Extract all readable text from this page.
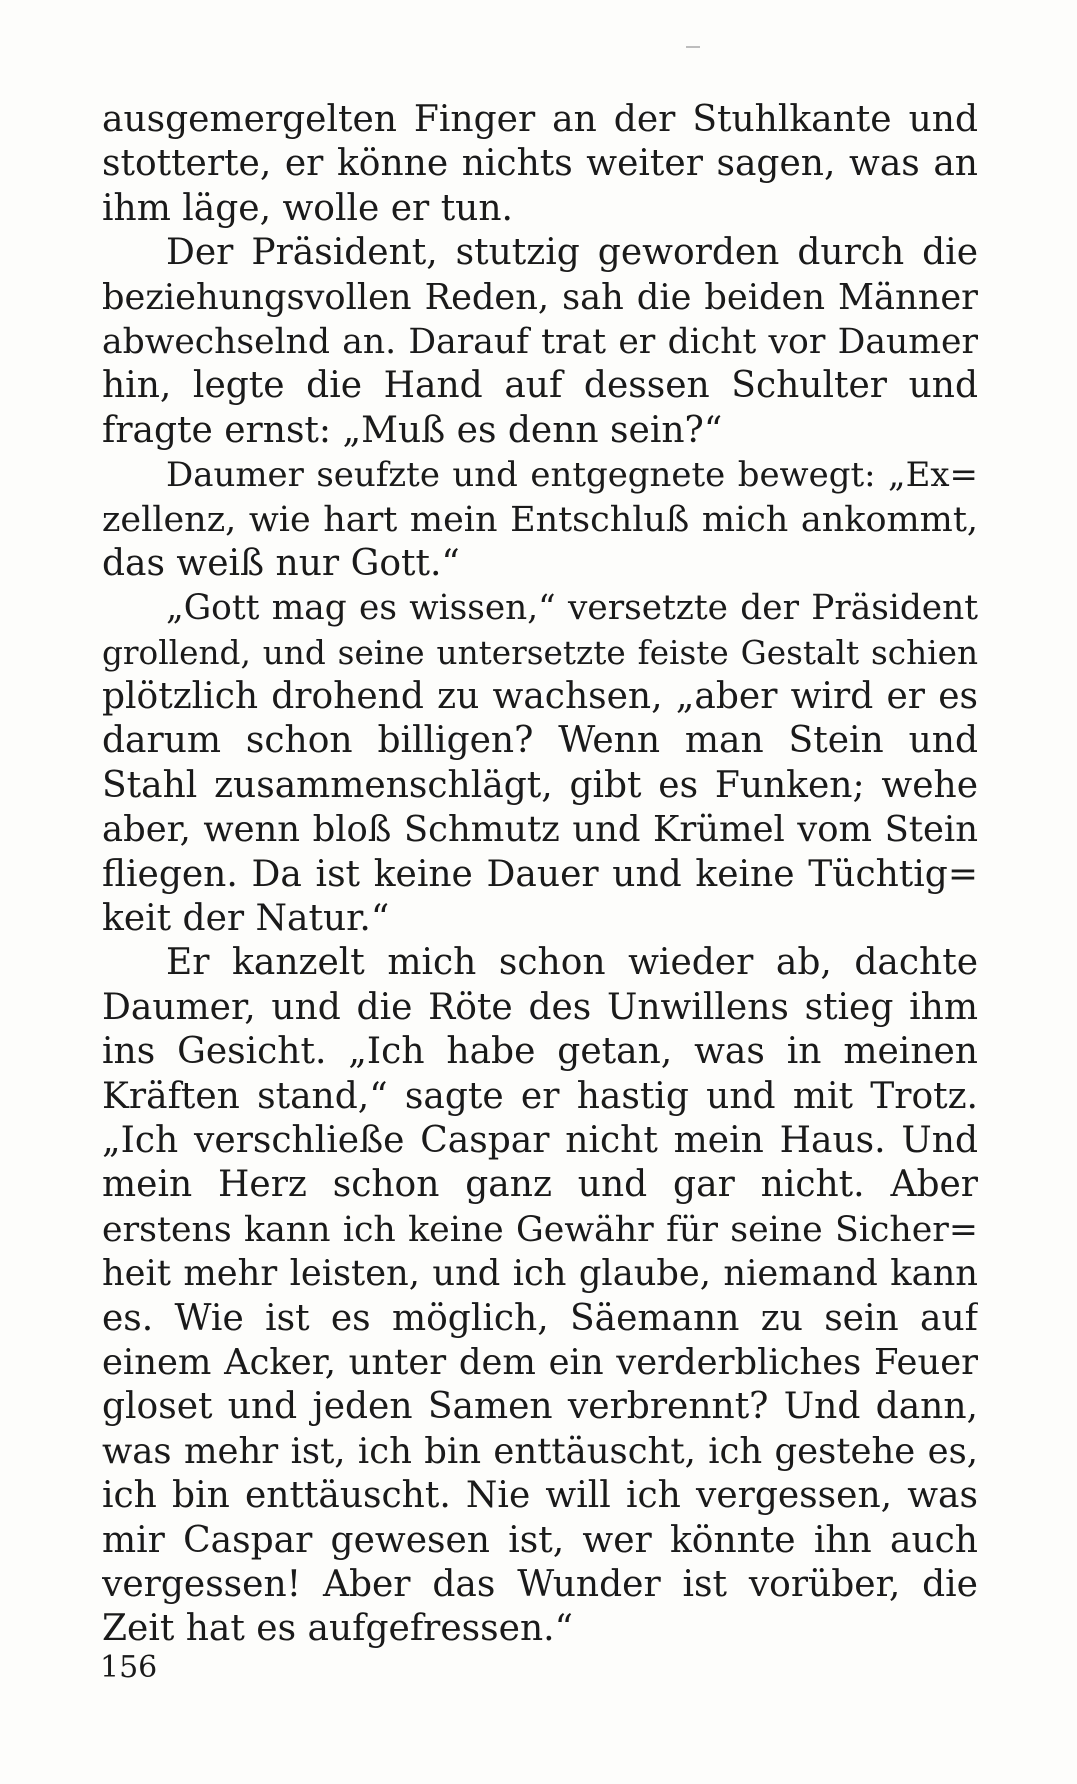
ausgemergelten Finger an der Stuhlkante und
stotterte, er könne nichts weiter sagen, was an
ihm läge, wolle er tun.
Der Präsident, stutzig geworden durch die
beziehungsvollen Reden, sah die beiden Männer
abwechselnd an. Darauf trat er dicht vor Daumer
hin, legte die Hand auf dessen Schulter und
fragte ernst: „Muß es denn sein?“
Daumer seufzte und entgegnete bewegt: „Ex=
zellenz, wie hart mein Entschluß mich ankommt,
das weiß nur Gott.“
„Gott mag es wissen,“ versetzte der Präsident
grollend, und seine untersetzte feiste Gestalt schien
plötzlich drohend zu wachsen, „aber wird er es
darum schon billigen? Wenn man Stein und
Stahl zusammenschlägt, gibt es Funken; wehe
aber, wenn bloß Schmutz und Krümel vom Stein
fliegen. Da ist keine Dauer und keine Tüchtig=
keit der Natur.“
Er kanzelt mich schon wieder ab, dachte
Daumer, und die Röte des Unwillens stieg ihm
ins Gesicht. „Ich habe getan, was in meinen
Kräften stand,“ sagte er hastig und mit Trotz.
„Ich verschließe Caspar nicht mein Haus. Und
mein Herz schon ganz und gar nicht. Aber
erstens kann ich keine Gewähr für seine Sicher=
heit mehr leisten, und ich glaube, niemand kann
es. Wie ist es möglich, Säemann zu sein auf
einem Acker, unter dem ein verderbliches Feuer
gloset und jeden Samen verbrennt? Und dann,
was mehr ist, ich bin enttäuscht, ich gestehe es,
ich bin enttäuscht. Nie will ich vergessen, was
mir Caspar gewesen ist, wer könnte ihn auch
vergessen! Aber das Wunder ist vorüber, die
Zeit hat es aufgefressen.“
156
